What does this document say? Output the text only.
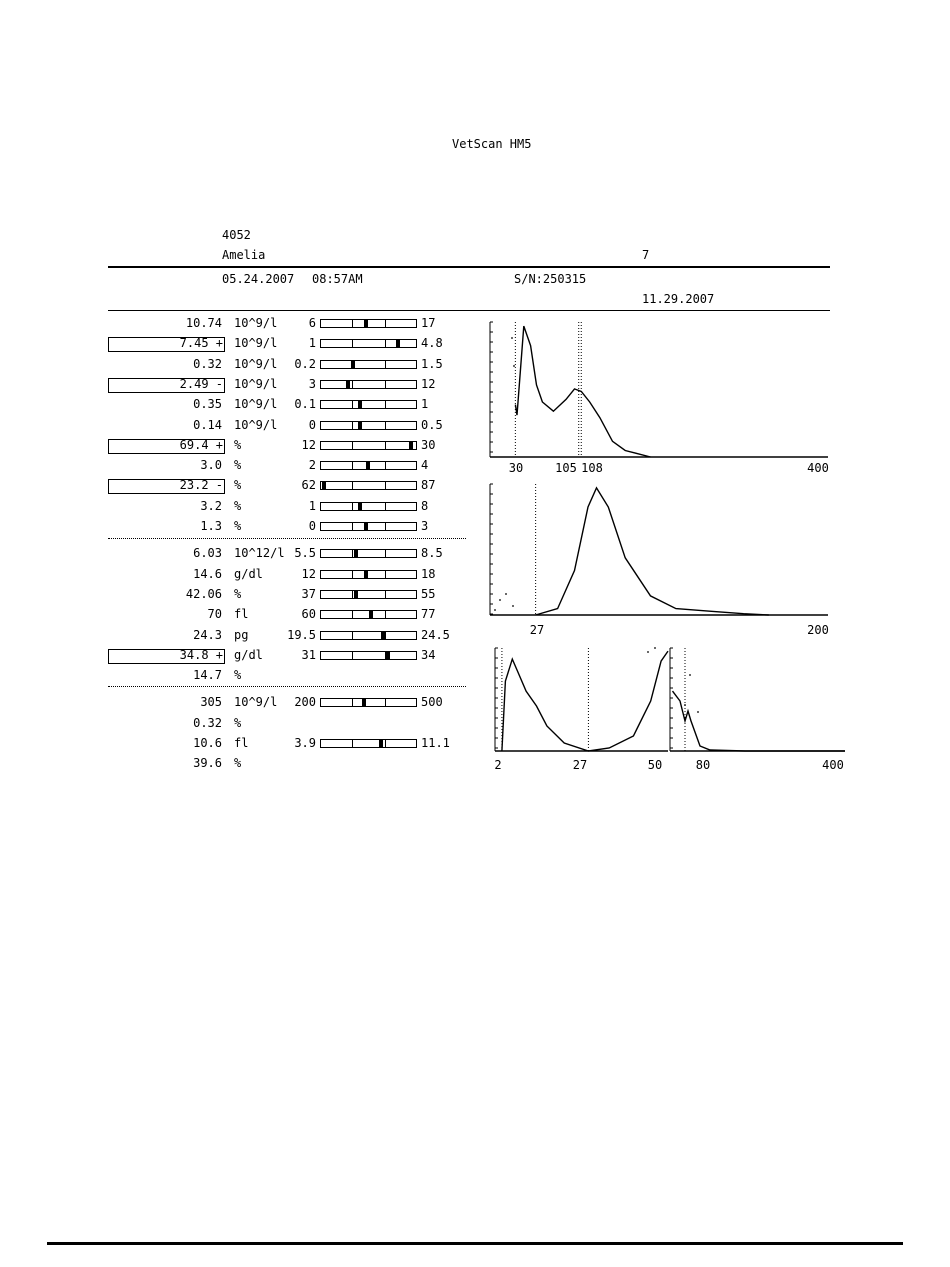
VetScan HM5
4052
Amelia	7
05.24.2007 08:57AM	S/N:250315
11.29.2007
10.74 10^9/l	6	17
7.45 + 10^9/l	1	4.8
0.32 10^9/l	0.2	1.5
2.49 - 10^9/l	3	12
0.35 10^9/l	0.1	1
0.14 10^9/l	0	0.5
69.4 + %	12	30
3.0 %	2	4
23.2 - %	62	87
3.2 %	1	8
1.3 %	0	3
6.03 10^12/l 5.5	8.5
14.6 g/dl	12	18
42.06 %	37	55
70 fl	60	77
24.3 pg	19.5	24.5
34.8 + g/dl	31	34
14.7 %
305 10^9/l	200	500
0.32 %
10.6 fl	3.9	11.1
39.6 %
30	105 108	400
27	200
2	27	50	80	400
